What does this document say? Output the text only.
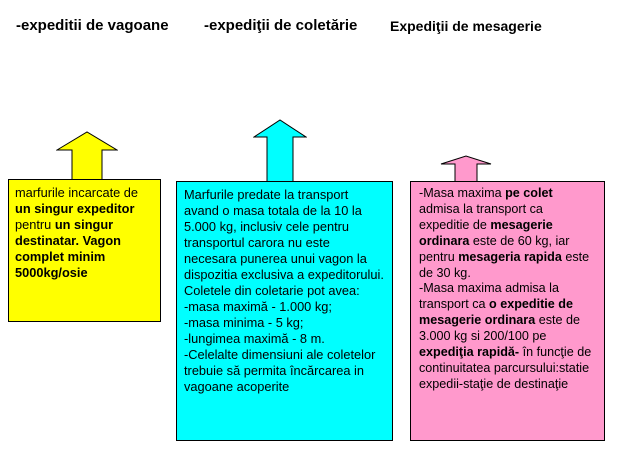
-expeditii de vagoane -expediţii de coletărie Expediţii de mesagerie

marfurile incarcate de un singur expeditor pentru un singur destinatar. Vagon complet minim 5000kg/osie

Marfurile predate la transport avand o masa totala de la 10 la 5.000 kg, inclusiv cele pentru transportul carora nu este necesara punerea unui vagon la dispozitia exclusiva a expeditorului. Coletele din coletarie pot avea:

-masa maximă - 1.000 kg;

-masa minima - 5 kg;

-lungimea maximă - 8 m.

-Celelalte dimensiuni ale coletelor trebuie să permita încărcarea in vagoane acoperite

-Masa maxima pe colet admisa la transport ca expeditie de mesagerie ordinara este de 60 kg, iar pentru mesageria rapida este de 30 kg.

-Masa maxima admisa la transport ca o expeditie de mesagerie ordinara este de 3.000 kg si 200/100 pe expediţia rapidă- în funcţie de continuitatea parcursului:statie expedii-staţie de destinaţie
